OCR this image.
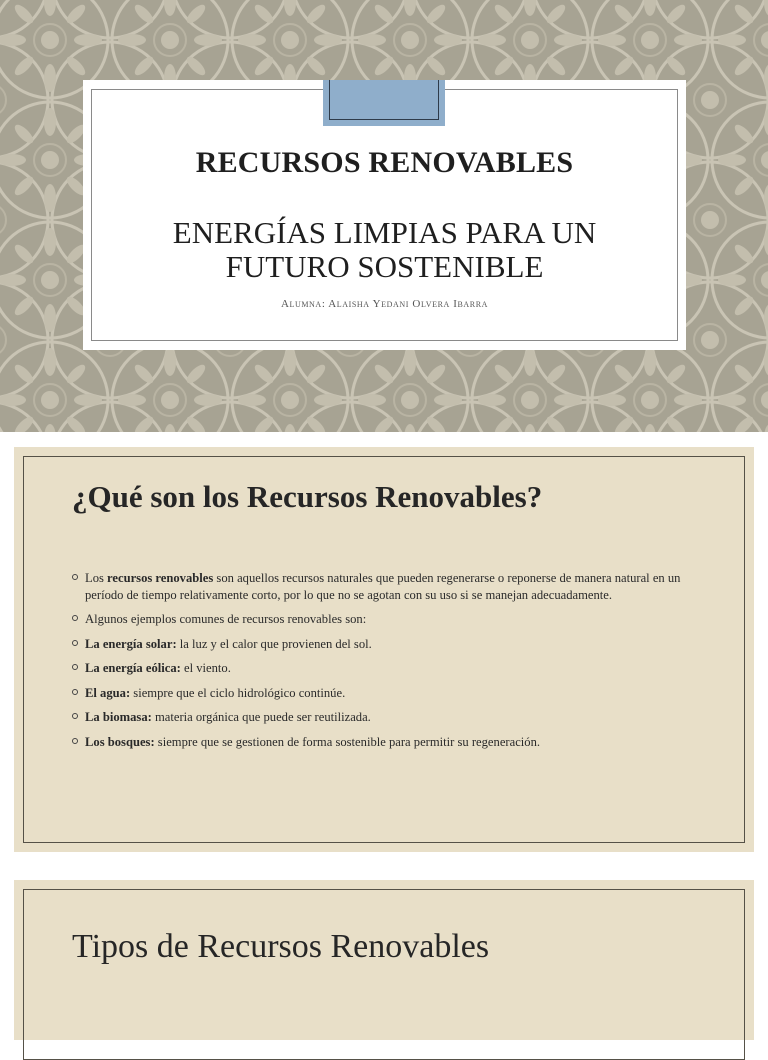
RECURSOS RENOVABLES
ENERGÍAS LIMPIAS PARA UN
FUTURO SOSTENIBLE
Alumna: Alaisha Yedani Olvera Ibarra
¿Qué son los Recursos Renovables?
Los recursos renovables son aquellos recursos naturales que pueden regenerarse o reponerse de manera natural en un período de tiempo relativamente corto, por lo que no se agotan con su uso si se manejan adecuadamente.
Algunos ejemplos comunes de recursos renovables son:
La energía solar: la luz y el calor que provienen del sol.
La energía eólica: el viento.
El agua: siempre que el ciclo hidrológico continúe.
La biomasa: materia orgánica que puede ser reutilizada.
Los bosques: siempre que se gestionen de forma sostenible para permitir su regeneración.
Tipos de Recursos Renovables
